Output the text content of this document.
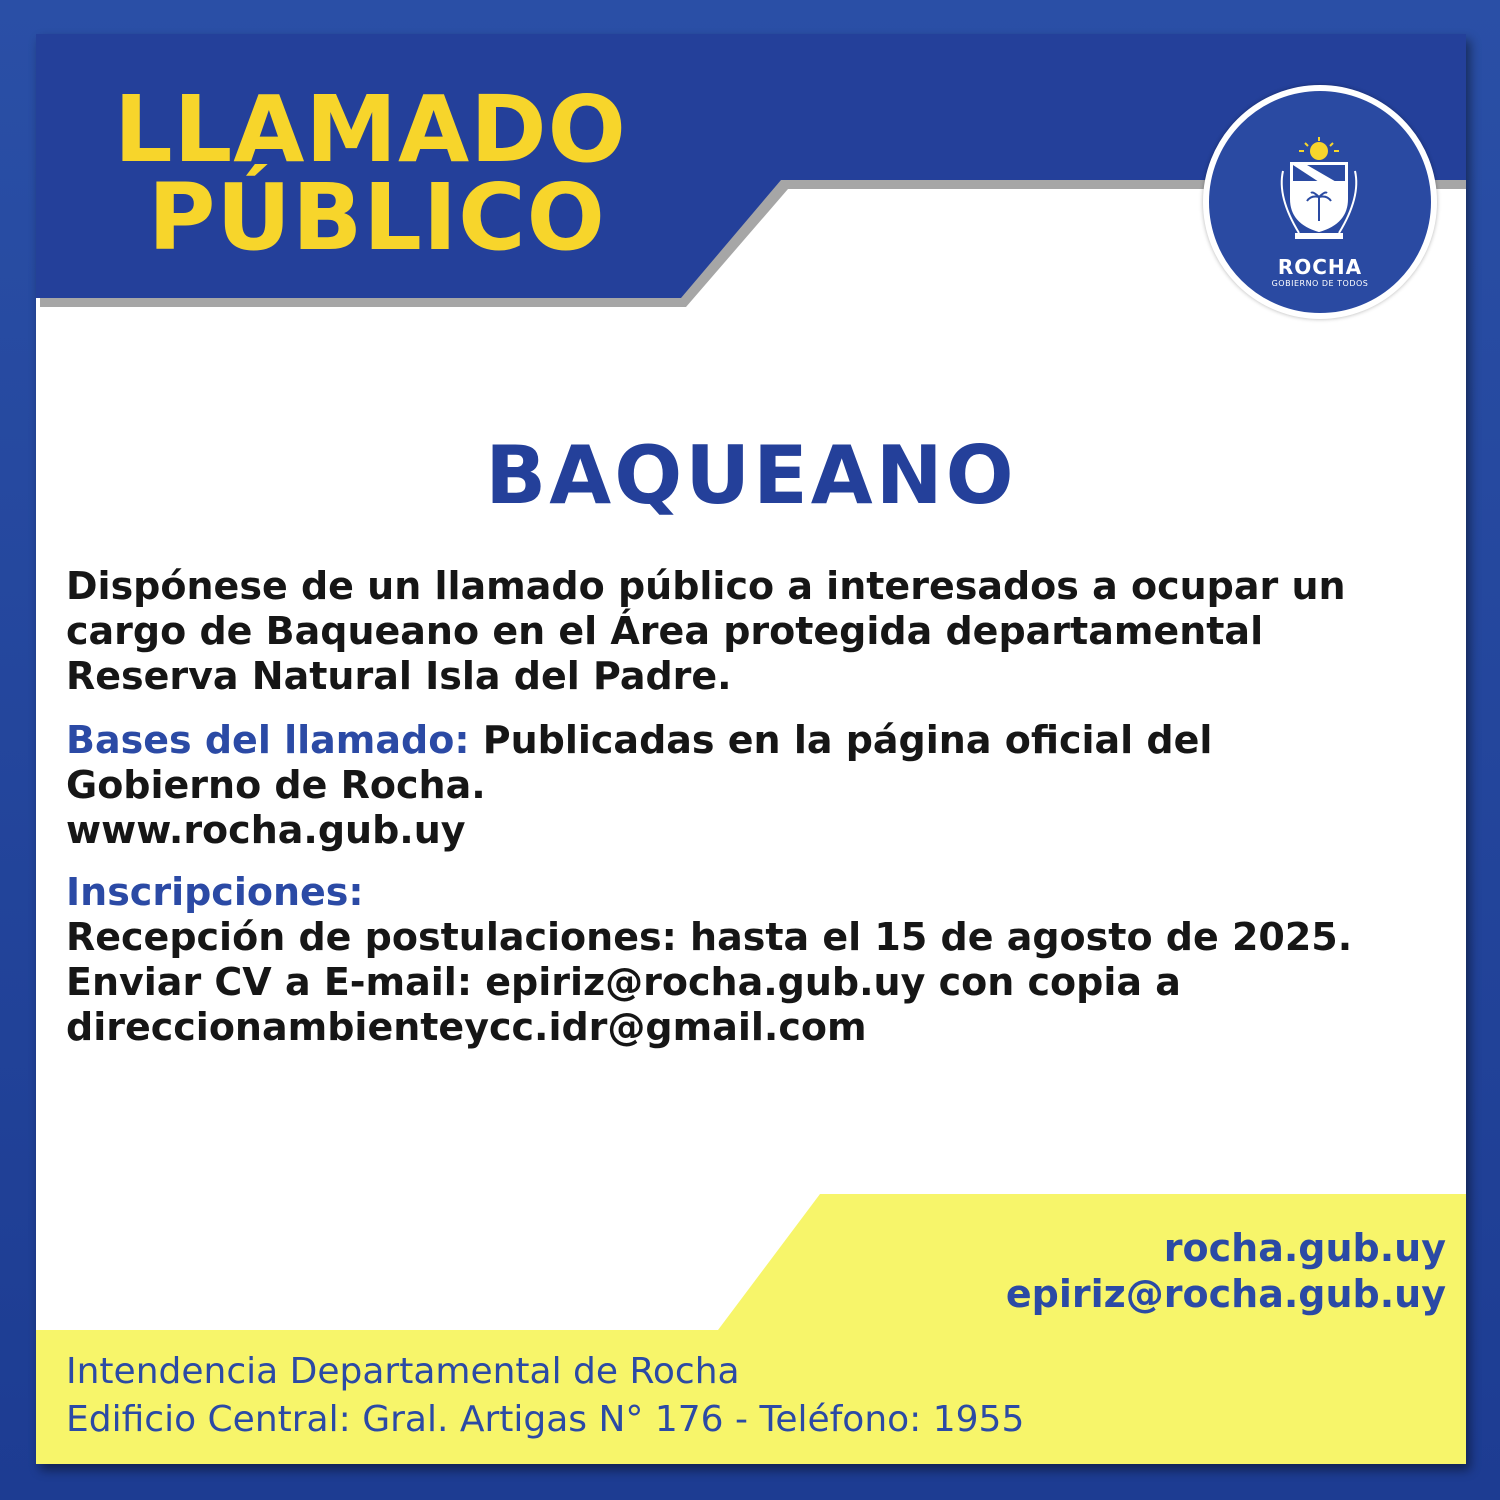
LLAMADO
PÚBLICO	ROCHA

GOBIERNO DE TODOS

BAQUEANO
Dispónese de un llamado público a interesados a ocupar un
cargo de Baqueano en el Área protegida departamental
Reserva Natural Isla del Padre.
Bases del llamado: Publicadas en la página oficial del
Gobierno de Rocha.
www.rocha.gub.uy
Inscripciones:
Recepción de postulaciones: hasta el 15 de agosto de 2025.
Enviar CV a E-mail: epiriz@rocha.gub.uy con copia a
direccionambienteycc.idr@gmail.com

rocha.gub.uy

epiriz@rocha.gub.uy

Intendencia Departamental de Rocha

Edificio Central: Gral. Artigas N° 176 - Teléfono: 1955
